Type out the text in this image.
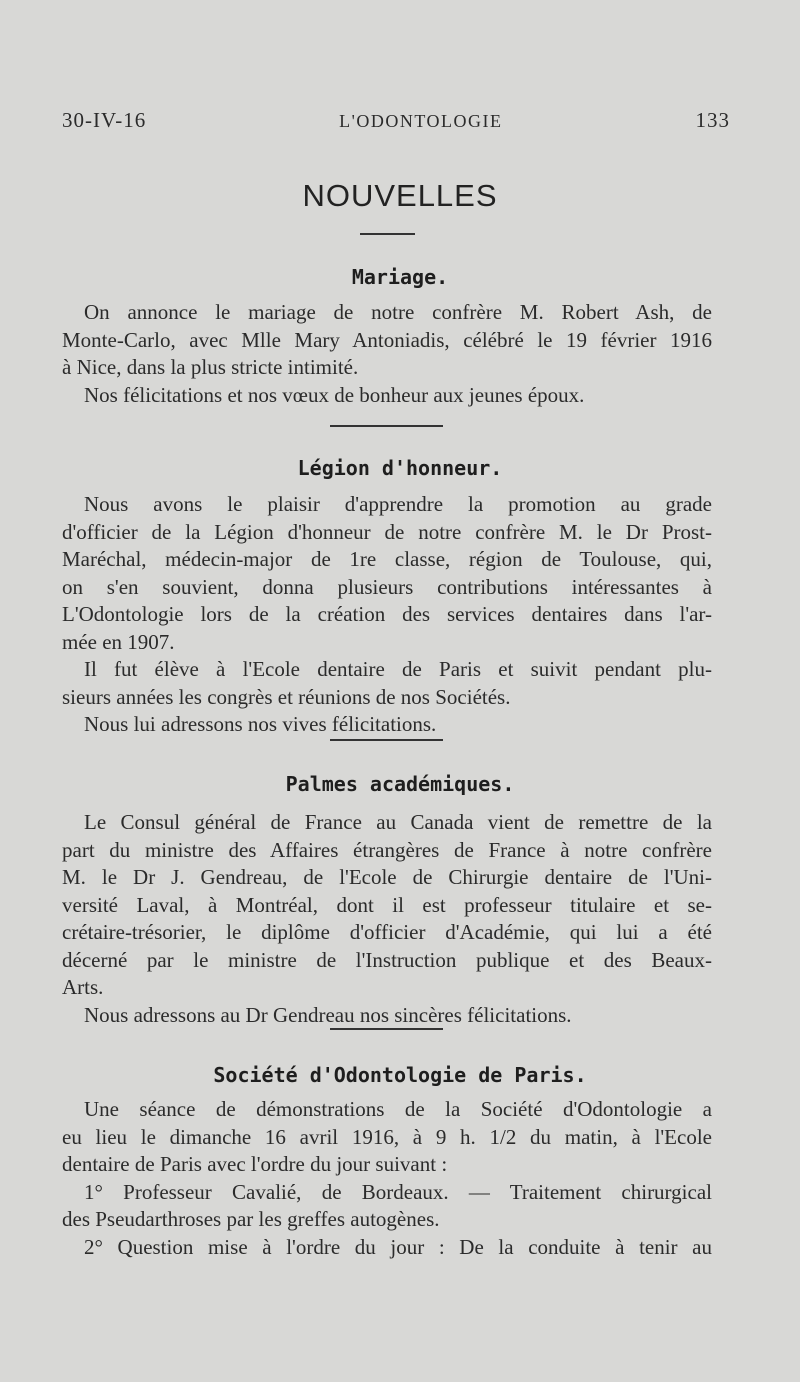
30-IV-16	L'ODONTOLOGIE	133
NOUVELLES
Mariage.
On annonce le mariage de notre confrère M. Robert Ash, de
Monte-Carlo, avec Mlle Mary Antoniadis, célébré le 19 février 1916
à Nice, dans la plus stricte intimité.
Nos félicitations et nos vœux de bonheur aux jeunes époux.
Légion d'honneur.
Nous avons le plaisir d'apprendre la promotion au grade
d'officier de la Légion d'honneur de notre confrère M. le Dr Prost-
Maréchal, médecin-major de 1re classe, région de Toulouse, qui,
on s'en souvient, donna plusieurs contributions intéressantes à
L'Odontologie lors de la création des services dentaires dans l'ar-
mée en 1907.
Il fut élève à l'Ecole dentaire de Paris et suivit pendant plu-
sieurs années les congrès et réunions de nos Sociétés.
Nous lui adressons nos vives félicitations.
Palmes académiques.
Le Consul général de France au Canada vient de remettre de la
part du ministre des Affaires étrangères de France à notre confrère
M. le Dr J. Gendreau, de l'Ecole de Chirurgie dentaire de l'Uni-
versité Laval, à Montréal, dont il est professeur titulaire et se-
crétaire-trésorier, le diplôme d'officier d'Académie, qui lui a été
décerné par le ministre de l'Instruction publique et des Beaux-
Arts.
Nous adressons au Dr Gendreau nos sincères félicitations.
Société d'Odontologie de Paris.
Une séance de démonstrations de la Société d'Odontologie a
eu lieu le dimanche 16 avril 1916, à 9 h. 1/2 du matin, à l'Ecole
dentaire de Paris avec l'ordre du jour suivant :
1° Professeur Cavalié, de Bordeaux. — Traitement chirurgical
des Pseudarthroses par les greffes autogènes.
2° Question mise à l'ordre du jour : De la conduite à tenir au
